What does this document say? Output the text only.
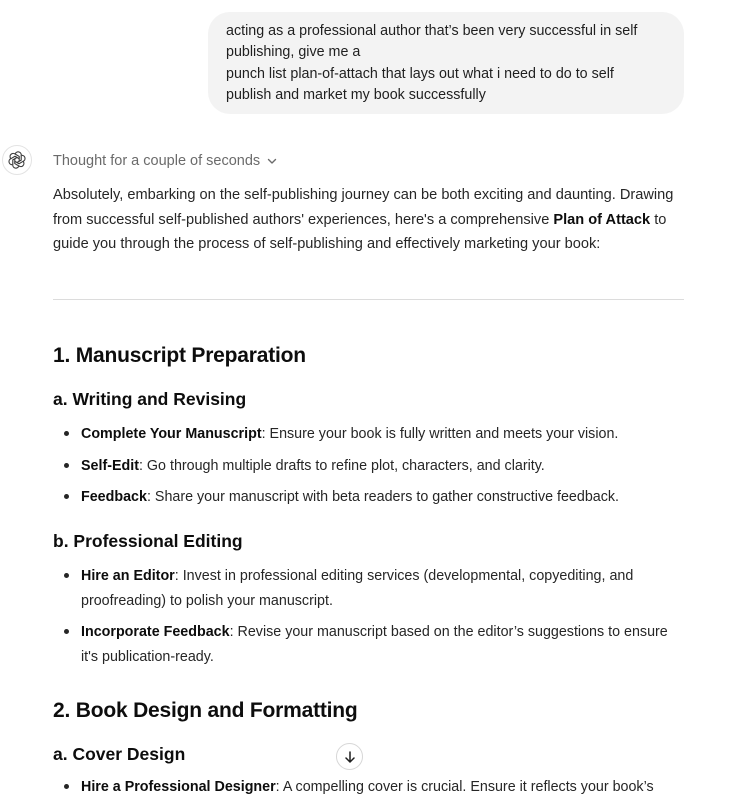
acting as a professional author that’s been very successful in self
publishing, give me a
punch list plan-of-attach that lays out what i need to do to self
publish and market my book successfully
Thought for a couple of seconds
Absolutely, embarking on the self-publishing journey can be both exciting and daunting. Drawing
from successful self-published authors' experiences, here's a comprehensive Plan of Attack to
guide you through the process of self-publishing and effectively marketing your book:
1. Manuscript Preparation
a. Writing and Revising
Complete Your Manuscript: Ensure your book is fully written and meets your vision.
Self-Edit: Go through multiple drafts to refine plot, characters, and clarity.
Feedback: Share your manuscript with beta readers to gather constructive feedback.
b. Professional Editing
Hire an Editor: Invest in professional editing services (developmental, copyediting, and
proofreading) to polish your manuscript.
Incorporate Feedback: Revise your manuscript based on the editor’s suggestions to ensure
it's publication-ready.
2. Book Design and Formatting
a. Cover Design
Hire a Professional Designer: A compelling cover is crucial. Ensure it reflects your book’s
